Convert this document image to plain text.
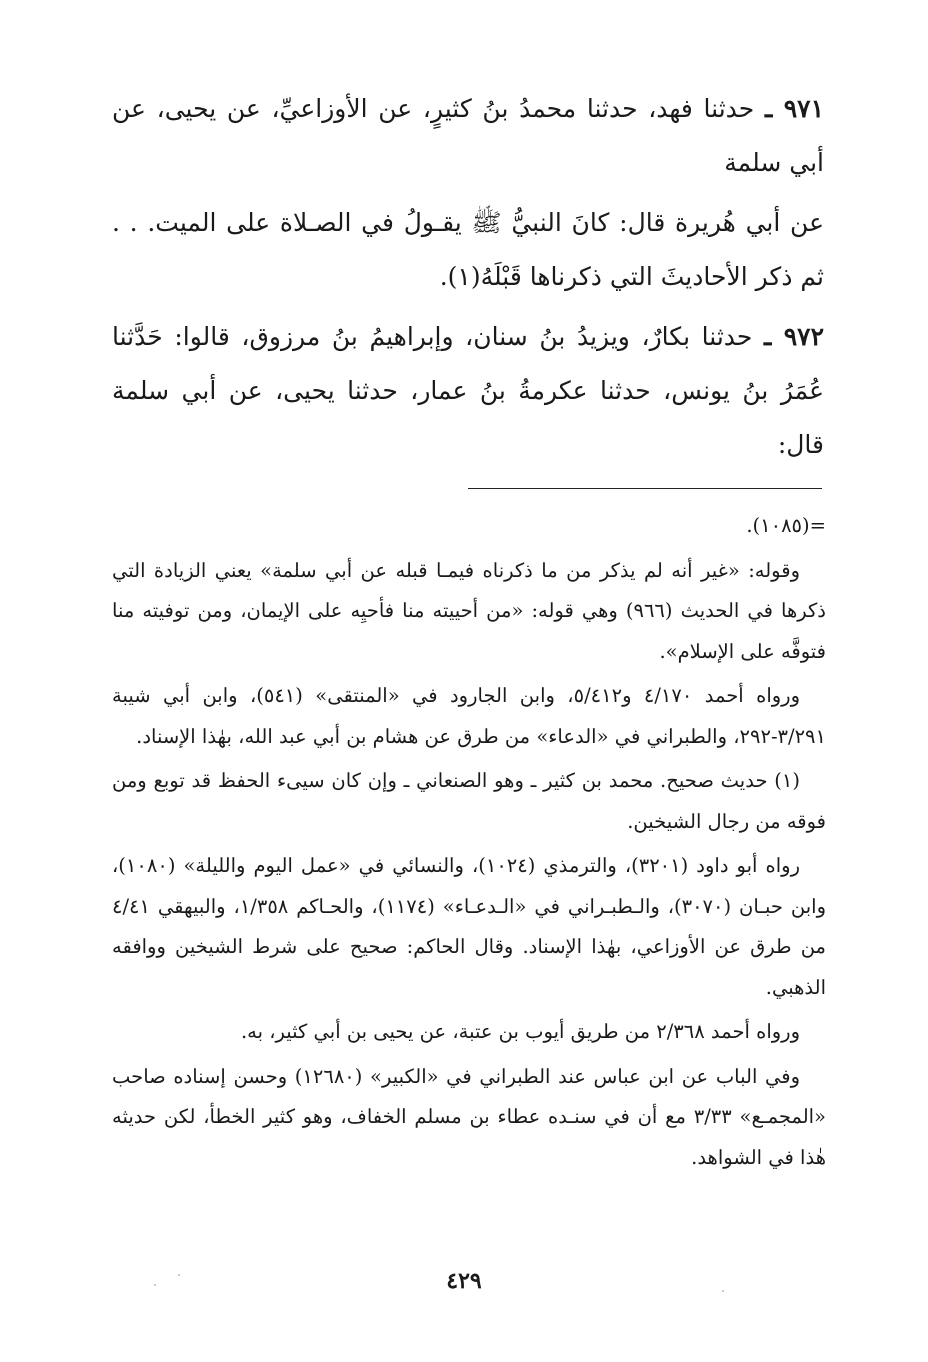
٩٧١ ـ حدثنا فهد، حدثنا محمدُ بنُ كثيرٍ، عن الأوزاعيِّ، عن يحيى، عن أبي سلمة

عن أبي هُريرة قال: كانَ النبيُّ ﷺ يقـولُ في الصـلاة على الميت. . . ثم ذكر الأحاديثَ التي ذكرناها قَبْلَهُ(١).

٩٧٢ ـ حدثنا بكارٌ، ويزيدُ بنُ سنان، وإبراهيمُ بنُ مرزوق، قالوا: حَدَّثنا عُمَرُ بنُ يونس، حدثنا عكرمةُ بنُ عمار، حدثنا يحيى، عن أبي سلمة قال:

=(١٠٨٥).

وقوله: «غير أنه لم يذكر من ما ذكرناه فيمـا قبله عن أبي سلمة» يعني الزيادة التي ذكرها في الحديث (٩٦٦) وهي قوله: «من أحييته منا فأحيِه على الإيمان، ومن توفيته منا فتوفَّه على الإسلام».

ورواه أحمد ٤/١٧٠ و٥/٤١٢، وابن الجارود في «المنتقى» (٥٤١)، وابن أبي شيبة ٣/٢٩١-٢٩٢، والطبراني في «الدعاء» من طرق عن هشام بن أبي عبد الله، بهٰذا الإسناد.

(١) حديث صحيح. محمد بن كثير ـ وهو الصنعاني ـ وإن كان سيىء الحفظ قد توبع ومن فوقه من رجال الشيخين.

رواه أبو داود (٣٢٠١)، والترمذي (١٠٢٤)، والنسائي في «عمل اليوم والليلة» (١٠٨٠)، وابن حبـان (٣٠٧٠)، والـطبـراني في «الـدعـاء» (١١٧٤)، والحـاكم ١/٣٥٨، والبيهقي ٤/٤١ من طرق عن الأوزاعي، بهٰذا الإسناد. وقال الحاكم: صحيح على شرط الشيخين ووافقه الذهبي.

ورواه أحمد ٢/٣٦٨ من طريق أيوب بن عتبة، عن يحيى بن أبي كثير، به.

وفي الباب عن ابن عباس عند الطبراني في «الكبير» (١٢٦٨٠) وحسن إسناده صاحب «المجمـع» ٣/٣٣ مع أن في سنـده عطاء بن مسلم الخفاف، وهو كثير الخطأ، لكن حديثه هٰذا في الشواهد.

٤٢٩
